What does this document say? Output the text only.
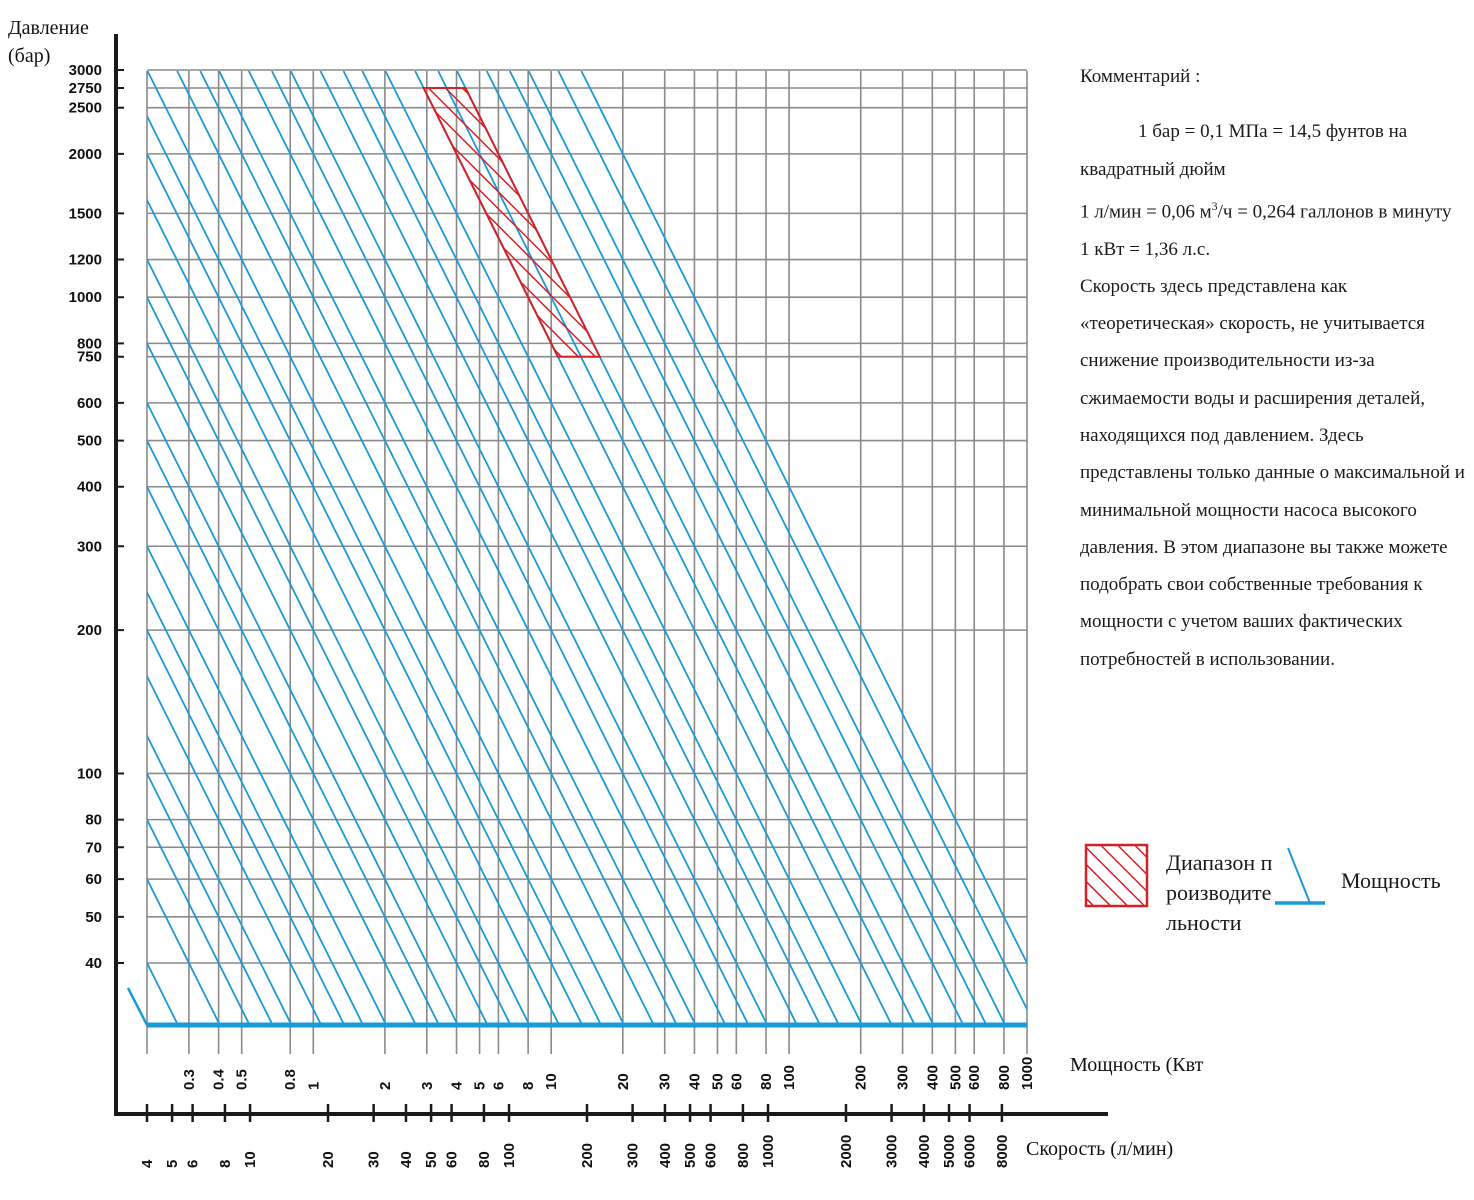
3000
2750
2500
2000
1500
1200
1000
800
750
600
500
400
300
200
100
80
70
60
50
40
0.3 0.4 0.5 0.8 1	2 3 4 5 6 8 10	20 30 40 50 60 80 100	200 300 400 500 600 800 1000
4 5 6 8 10	20 30 40 50 60 80 100	200 300 400 500 600 800 1000	2000 3000 4000 5000 6000 8000
Давление
(бар)
Мощность (Квт
Скорость (л/мин)

Комментарий :

1 бар = 0,1 МПа = 14,5 фунтов на квадратный дюйм

1 л/мин = 0,06 $м^3/ч = 0,264$ галлонов в минуту

1 кВт = 1,36 л.с.

Скорость здесь представлена как «теоретическая» скорость, не учитывается снижение производительности из-за сжимаемости воды и расширения деталей, находящихся под давлением. Здесь представлены только данные о максимальной и минимальной мощности насоса высокого давления. В этом диапазоне вы также можете подобрать свои собственные требования к мощности с учетом ваших фактических потребностей в использовании.

Диапазон производительности
Мощность
